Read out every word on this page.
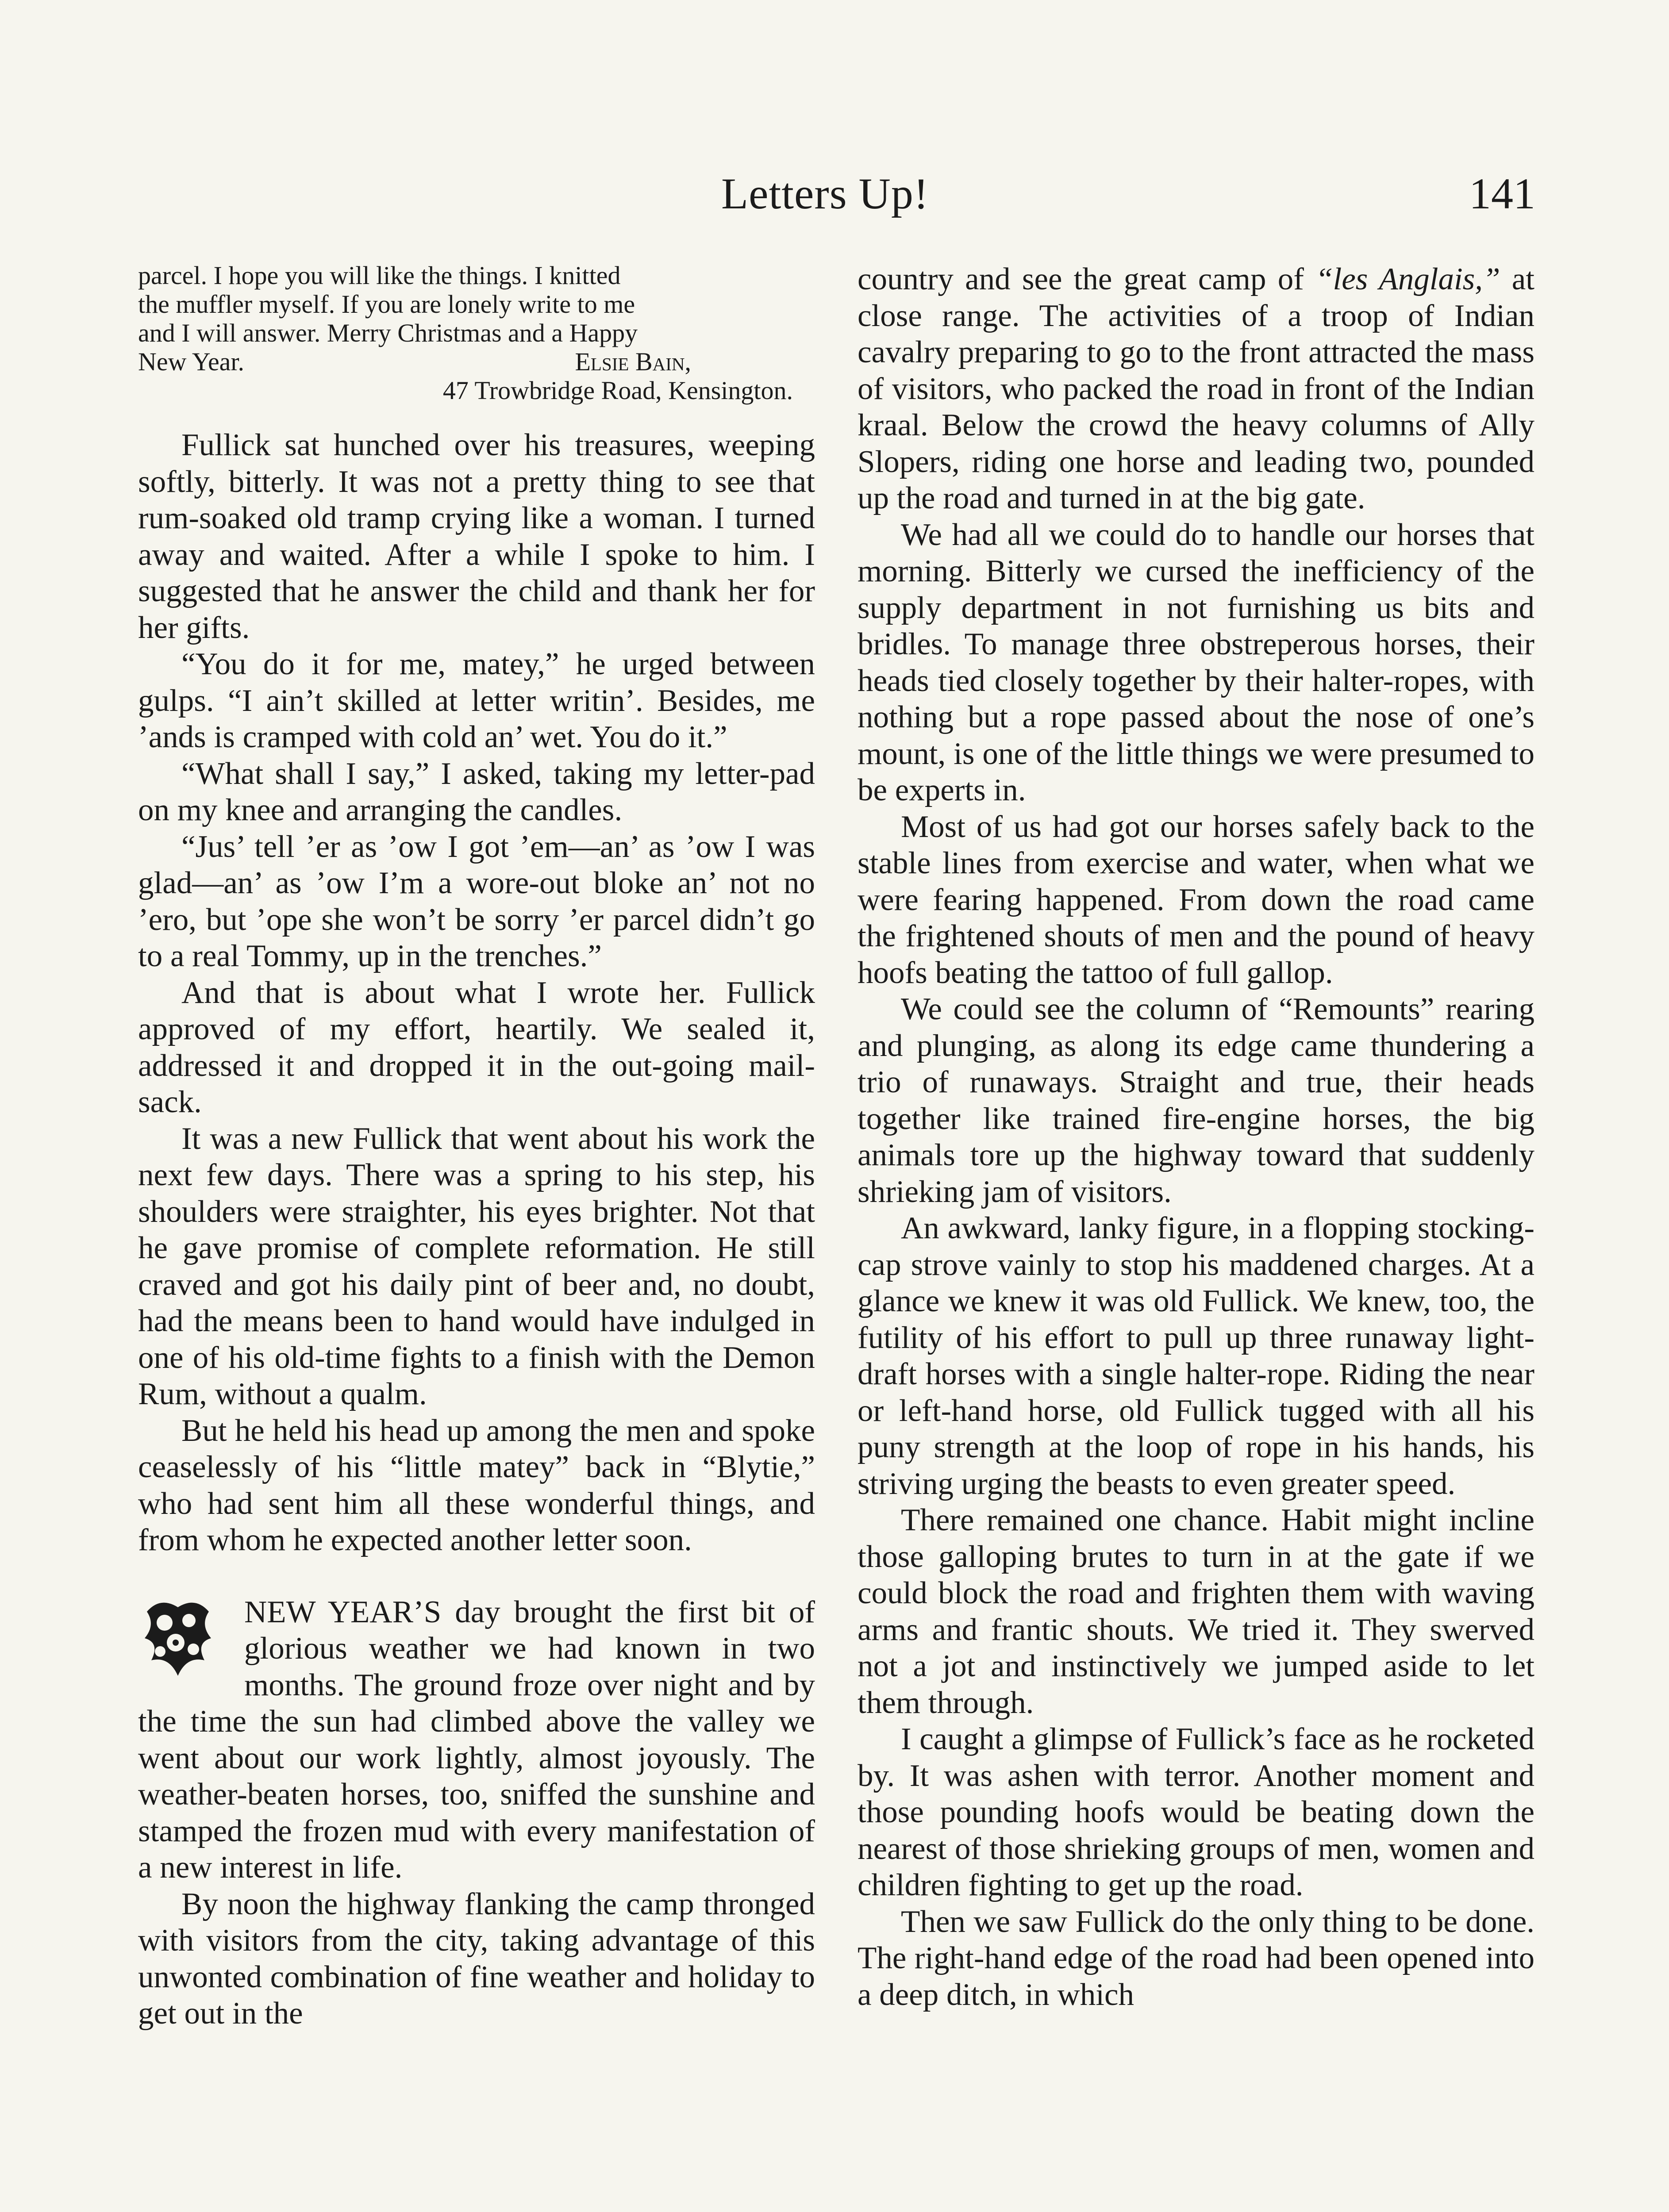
Letters Up!	141
parcel. I hope you will like the things. I knitted
the muffler myself. If you are lonely write to me
and I will answer. Merry Christmas and a Happy
New Year.	Elsie Bain,
47 Trowbridge Road, Kensington.

Fullick sat hunched over his treasures, weeping softly, bitterly. It was not a pretty thing to see that rum-soaked old tramp crying like a woman. I turned away and waited. After a while I spoke to him. I suggested that he answer the child and thank her for her gifts.

“You do it for me, matey,” he urged between gulps. “I ain’t skilled at letter writin’. Besides, me ’ands is cramped with cold an’ wet. You do it.”

“What shall I say,” I asked, taking my letter-pad on my knee and arranging the candles.

“Jus’ tell ’er as ’ow I got ’em—an’ as ’ow I was glad—an’ as ’ow I’m a wore-out bloke an’ not no ’ero, but ’ope she won’t be sorry ’er parcel didn’t go to a real Tommy, up in the trenches.”

And that is about what I wrote her. Fullick approved of my effort, heartily. We sealed it, addressed it and dropped it in the out-going mail-sack.

It was a new Fullick that went about his work the next few days. There was a spring to his step, his shoulders were straighter, his eyes brighter. Not that he gave promise of complete reformation. He still craved and got his daily pint of beer and, no doubt, had the means been to hand would have indulged in one of his old-time fights to a finish with the Demon Rum, without a qualm.

But he held his head up among the men and spoke ceaselessly of his “little matey” back in “Blytie,” who had sent him all these wonderful things, and from whom he expected another letter soon.

NEW YEAR’S day brought the first bit of glorious weather we had known in two months. The ground froze over night and by the time the sun had climbed above the valley we went about our work lightly, almost joyously. The weather-beaten horses, too, sniffed the sunshine and stamped the frozen mud with every manifestation of a new interest in life.

By noon the highway flanking the camp thronged with visitors from the city, taking advantage of this unwonted combination of fine weather and holiday to get out in the

country and see the great camp of “les Anglais,” at close range. The activities of a troop of Indian cavalry preparing to go to the front attracted the mass of visitors, who packed the road in front of the Indian kraal. Below the crowd the heavy columns of Ally Slopers, riding one horse and leading two, pounded up the road and turned in at the big gate.

We had all we could do to handle our horses that morning. Bitterly we cursed the inefficiency of the supply department in not furnishing us bits and bridles. To manage three obstreperous horses, their heads tied closely together by their halter-ropes, with nothing but a rope passed about the nose of one’s mount, is one of the little things we were presumed to be experts in.

Most of us had got our horses safely back to the stable lines from exercise and water, when what we were fearing happened. From down the road came the frightened shouts of men and the pound of heavy hoofs beating the tattoo of full gallop.

We could see the column of “Remounts” rearing and plunging, as along its edge came thundering a trio of runaways. Straight and true, their heads together like trained fire-engine horses, the big animals tore up the highway toward that suddenly shrieking jam of visitors.

An awkward, lanky figure, in a flopping stocking-cap strove vainly to stop his maddened charges. At a glance we knew it was old Fullick. We knew, too, the futility of his effort to pull up three runaway light-draft horses with a single halter-rope. Riding the near or left-hand horse, old Fullick tugged with all his puny strength at the loop of rope in his hands, his striving urging the beasts to even greater speed.

There remained one chance. Habit might incline those galloping brutes to turn in at the gate if we could block the road and frighten them with waving arms and frantic shouts. We tried it. They swerved not a jot and instinctively we jumped aside to let them through.

I caught a glimpse of Fullick’s face as he rocketed by. It was ashen with terror. Another moment and those pounding hoofs would be beating down the nearest of those shrieking groups of men, women and children fighting to get up the road.

Then we saw Fullick do the only thing to be done. The right-hand edge of the road had been opened into a deep ditch, in which
